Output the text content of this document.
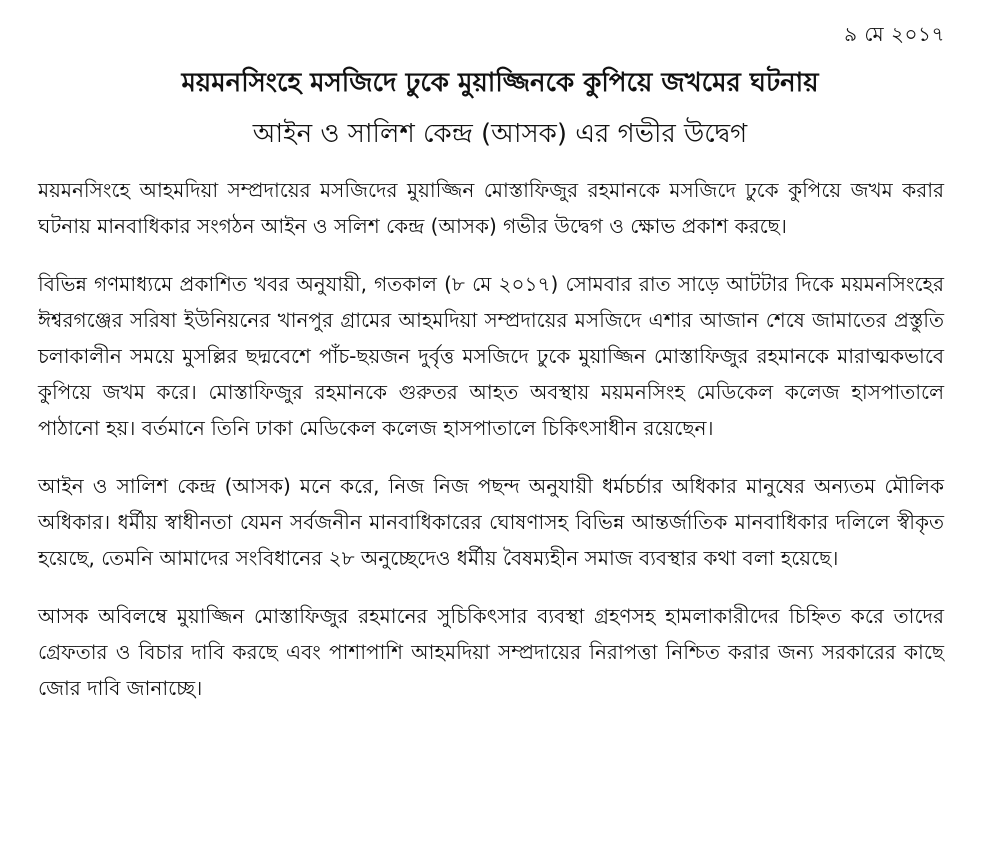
৯ মে ২০১৭
ময়মনসিংহে মসজিদে ঢুকে মুয়াজ্জিনকে কুপিয়ে জখমের ঘটনায়
আইন ও সালিশ কেন্দ্র (আসক) এর গভীর উদ্বেগ

ময়মনসিংহে আহমদিয়া সম্প্রদায়ের মসজিদের মুয়াজ্জিন মোস্তাফিজুর রহমানকে মসজিদে ঢুকে কুপিয়ে জখম করার ঘটনায় মানবাধিকার সংগঠন আইন ও সলিশ কেন্দ্র (আসক) গভীর উদ্বেগ ও ক্ষোভ প্রকাশ করছে।

বিভিন্ন গণমাধ্যমে প্রকাশিত খবর অনুযায়ী, গতকাল (৮ মে ২০১৭) সোমবার রাত সাড়ে আটটার দিকে ময়মনসিংহের ঈশ্বরগঞ্জের সরিষা ইউনিয়নের খানপুর গ্রামের আহমদিয়া সম্প্রদায়ের মসজিদে এশার আজান শেষে জামাতের প্রস্তুতি চলাকালীন সময়ে মুসল্লির ছদ্মবেশে পাঁচ-ছয়জন দুর্বৃত্ত মসজিদে ঢুকে মুয়াজ্জিন মোস্তাফিজুর রহমানকে মারাত্মকভাবে কুপিয়ে জখম করে। মোস্তাফিজুর রহমানকে গুরুতর আহত অবস্থায় ময়মনসিংহ মেডিকেল কলেজ হাসপাতালে পাঠানো হয়। বর্তমানে তিনি ঢাকা মেডিকেল কলেজ হাসপাতালে চিকিৎসাধীন রয়েছেন।

আইন ও সালিশ কেন্দ্র (আসক) মনে করে, নিজ নিজ পছন্দ অনুযায়ী ধর্মচর্চার অধিকার মানুষের অন্যতম মৌলিক অধিকার। ধর্মীয় স্বাধীনতা যেমন সর্বজনীন মানবাধিকারের ঘোষণাসহ বিভিন্ন আন্তর্জাতিক মানবাধিকার দলিলে স্বীকৃত হয়েছে, তেমনি আমাদের সংবিধানের ২৮ অনুচ্ছেদেও ধর্মীয় বৈষম্যহীন সমাজ ব্যবস্থার কথা বলা হয়েছে।

আসক অবিলম্বে মুয়াজ্জিন মোস্তাফিজুর রহমানের সুচিকিৎসার ব্যবস্থা গ্রহণসহ হামলাকারীদের চিহ্নিত করে তাদের গ্রেফতার ও বিচার দাবি করছে এবং পাশাপাশি আহমদিয়া সম্প্রদায়ের নিরাপত্তা নিশ্চিত করার জন্য সরকারের কাছে জোর দাবি জানাচ্ছে।
